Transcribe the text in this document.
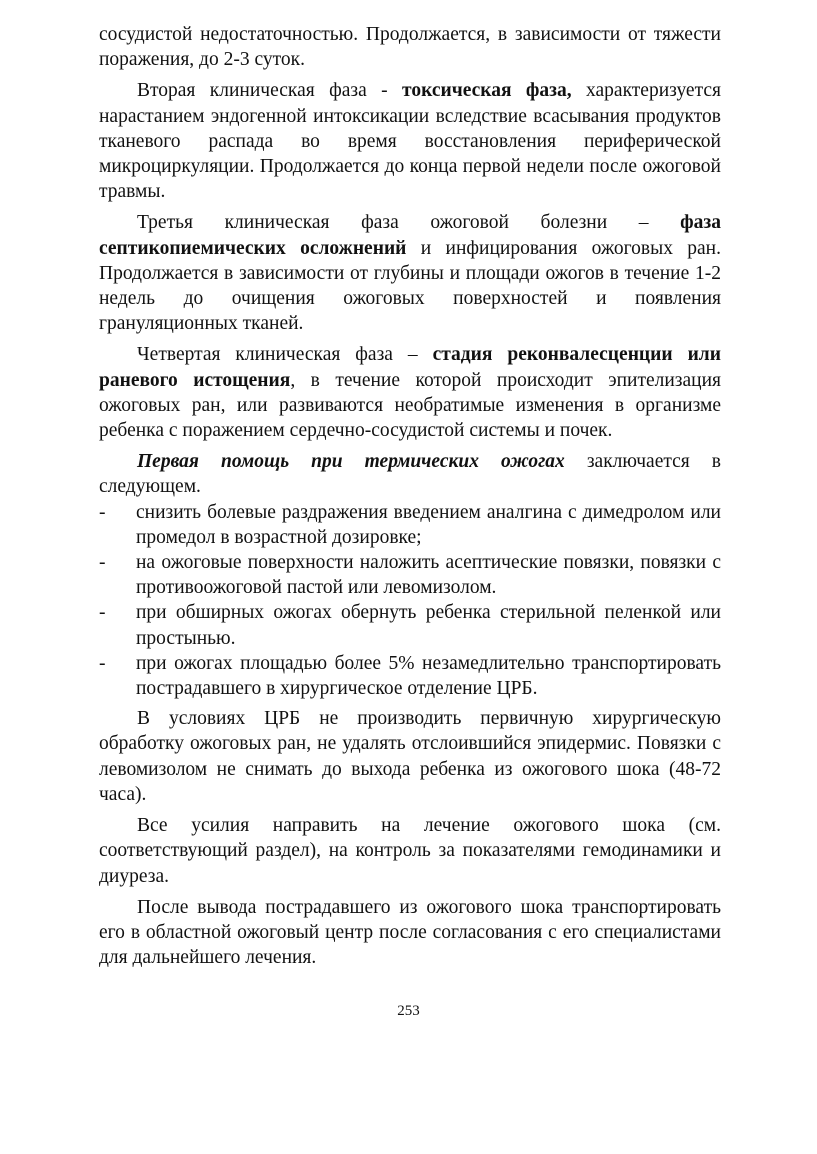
сосудистой недостаточностью. Продолжается, в зависимости от тяжести поражения, до 2-3 суток.

Вторая клиническая фаза - токсическая фаза, характеризуется нарастанием эндогенной интоксикации вследствие всасывания продуктов тканевого распада во время восстановления периферической микроциркуляции. Продолжается до конца первой недели после ожоговой травмы.

Третья клиническая фаза ожоговой болезни – фаза септикопиемических осложнений и инфицирования ожоговых ран. Продолжается в зависимости от глубины и площади ожогов в течение 1-2 недель до очищения ожоговых поверхностей и появления грануляционных тканей.

Четвертая клиническая фаза – стадия реконвалесценции или раневого истощения, в течение которой происходит эпителизация ожоговых ран, или развиваются необратимые изменения в организме ребенка с поражением сердечно-сосудистой системы и почек.

Первая помощь при термических ожогах заключается в следующем.

- снизить болевые раздражения введением аналгина с димедролом или промедол в возрастной дозировке;
- на ожоговые поверхности наложить асептические повязки, повязки с противоожоговой пастой или левомизолом.
- при обширных ожогах обернуть ребенка стерильной пеленкой или простынью.
- при ожогах площадью более 5% незамедлительно транспортировать пострадавшего в хирургическое отделение ЦРБ.

В условиях ЦРБ не производить первичную хирургическую обработку ожоговых ран, не удалять отслоившийся эпидермис. Повязки с левомизолом не снимать до выхода ребенка из ожогового шока (48-72 часа).

Все усилия направить на лечение ожогового шока (см. соответствующий раздел), на контроль за показателями гемодинамики и диуреза.

После вывода пострадавшего из ожогового шока транспортировать его в областной ожоговый центр после согласования с его специалистами для дальнейшего лечения.

253
